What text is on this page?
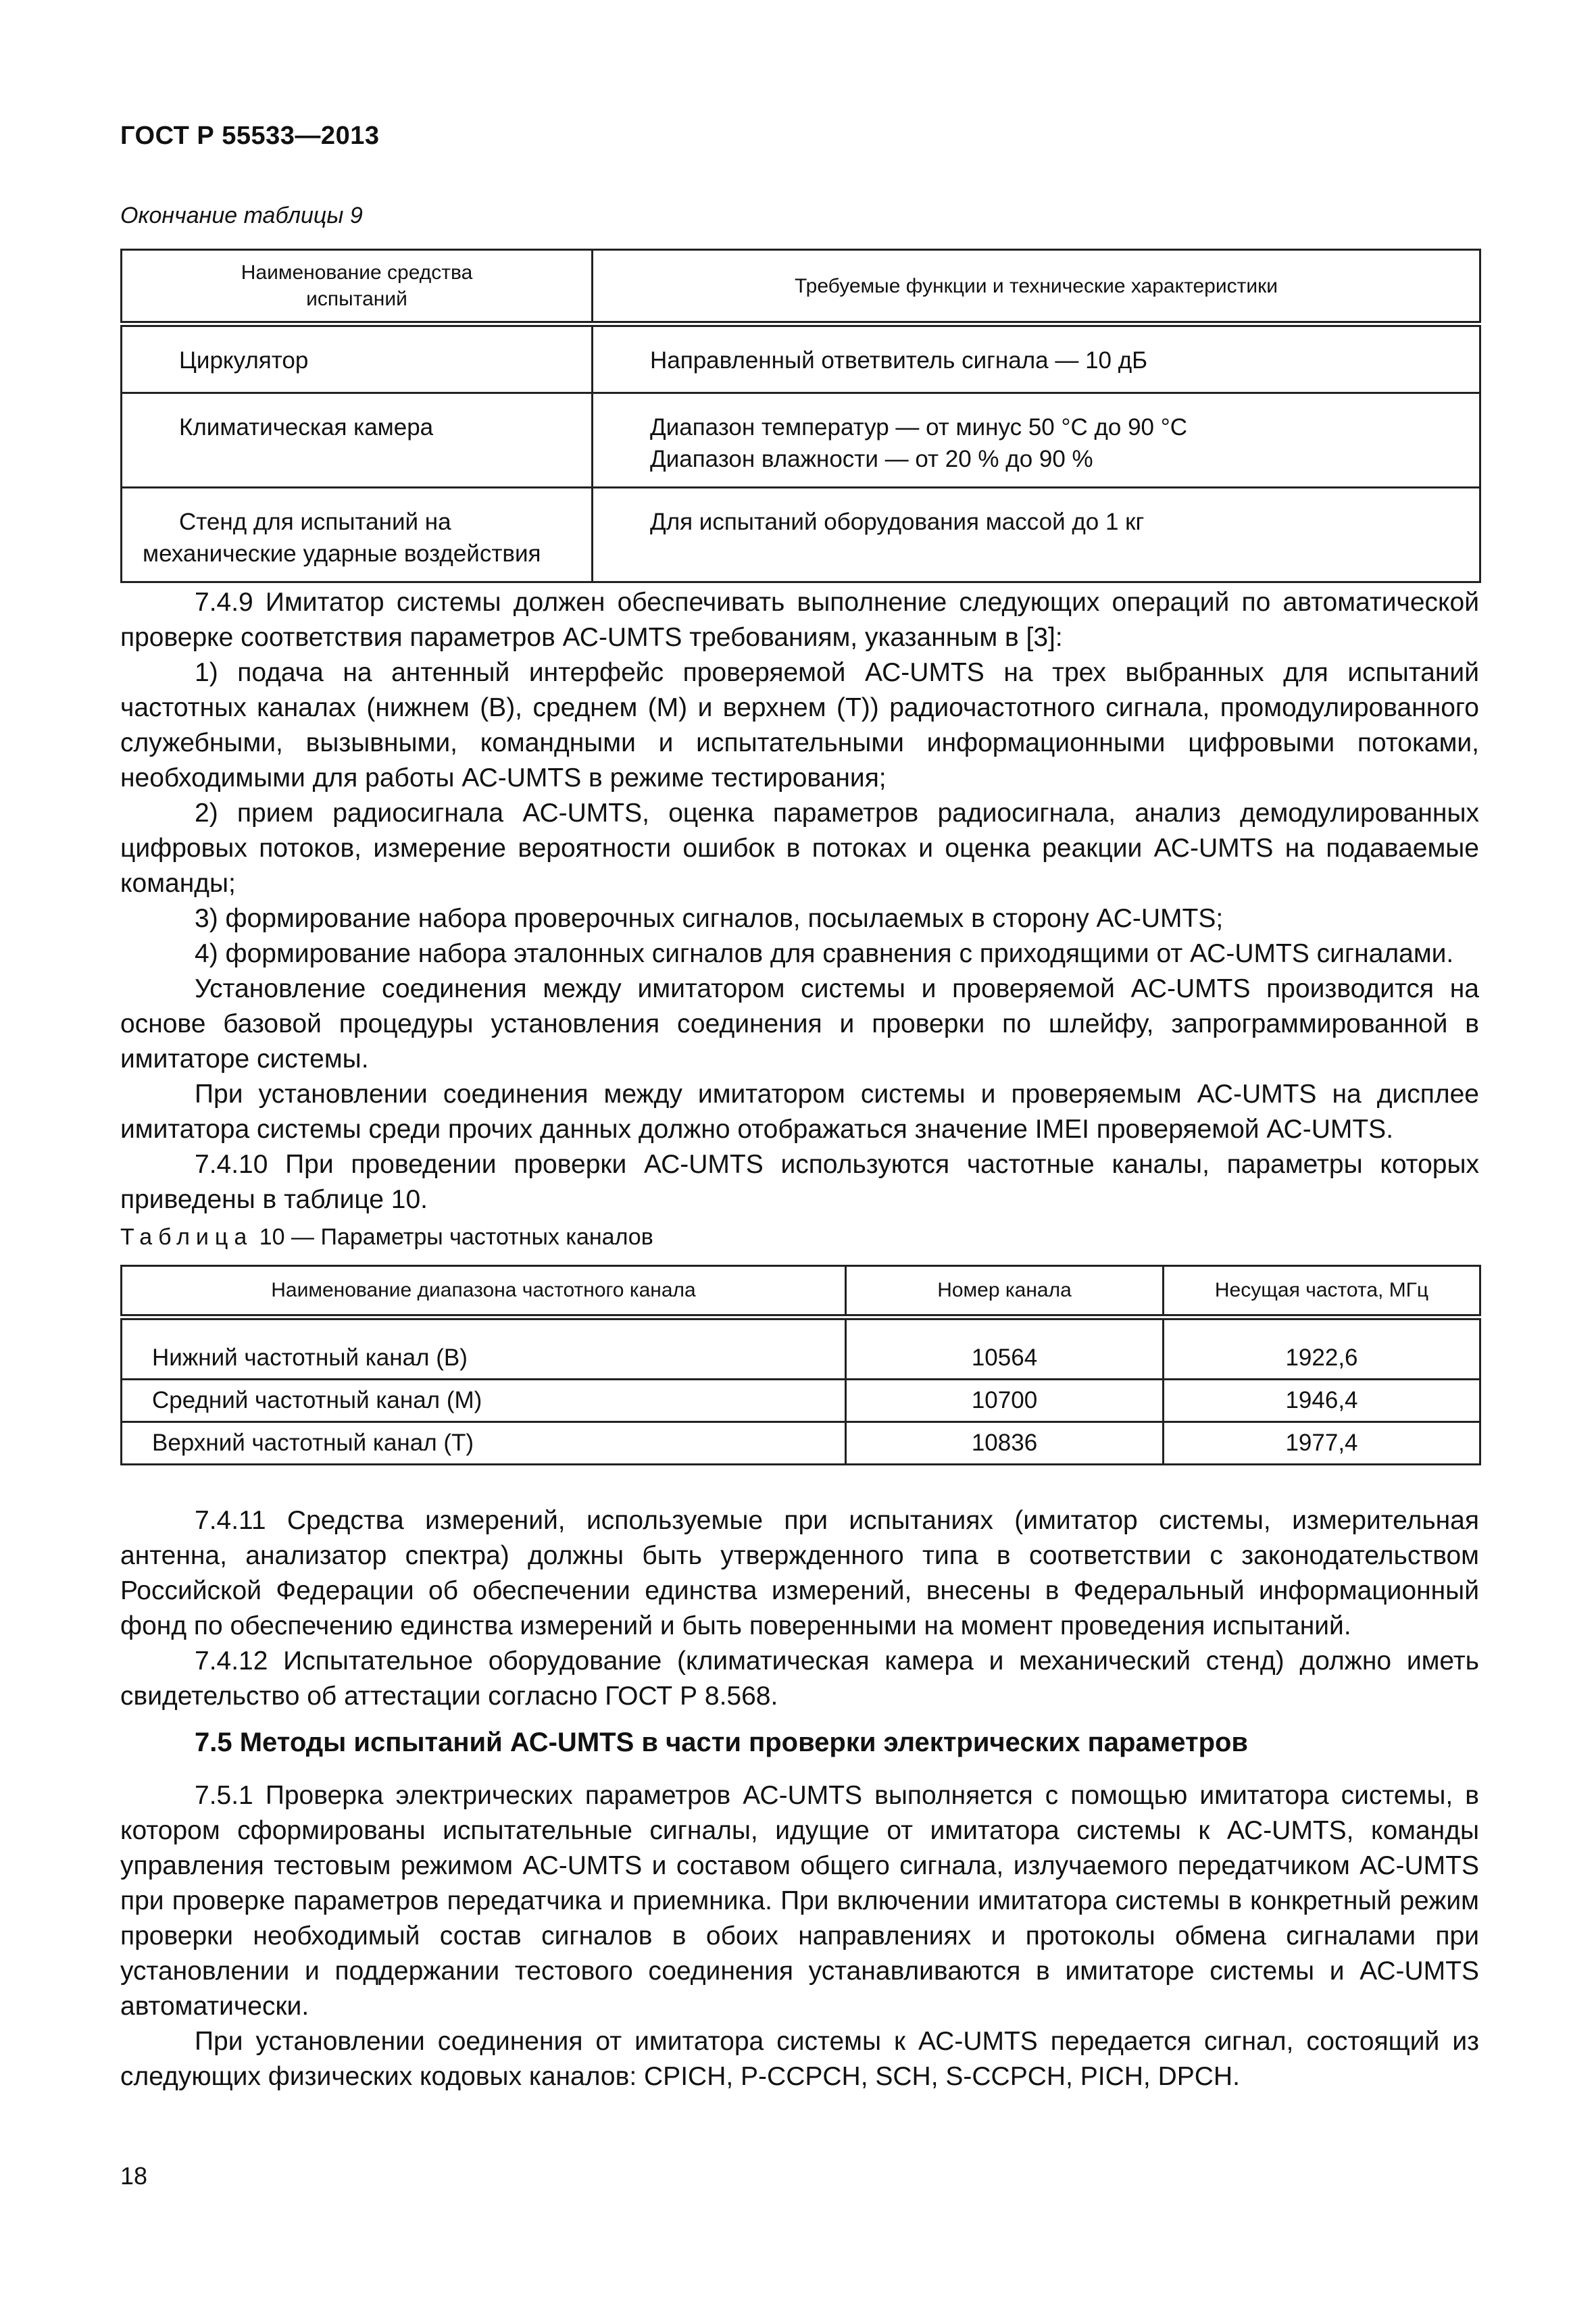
ГОСТ Р 55533—2013
Окончание таблицы 9
Наименование средства испытаний	Требуемые функции и технические характеристики
Циркулятор	Направленный ответвитель сигнала — 10 дБ

Климатическая камера	Диапазон температур — от минус 50 °С до 90 °С
Диапазон влажности — от 20 % до 90 %

Стенд для испытаний на механические ударные воздействия	Для испытаний оборудования массой до 1 кг

7.4.9 Имитатор системы должен обеспечивать выполнение следующих операций по автоматической проверке соответствия параметров АС-UMTS требованиям, указанным в [3]:

1) подача на антенный интерфейс проверяемой АС-UMTS на трех выбранных для испытаний частотных каналах (нижнем (В), среднем (М) и верхнем (Т)) радиочастотного сигнала, промодулированного служебными, вызывными, командными и испытательными информационными цифровыми потоками, необходимыми для работы АС-UMTS в режиме тестирования;

2) прием радиосигнала АС-UMTS, оценка параметров радиосигнала, анализ демодулированных цифровых потоков, измерение вероятности ошибок в потоках и оценка реакции АС-UMTS на подаваемые команды;

3) формирование набора проверочных сигналов, посылаемых в сторону АС-UMTS;

4) формирование набора эталонных сигналов для сравнения с приходящими от АС-UMTS сигналами.

Установление соединения между имитатором системы и проверяемой АС-UMTS производится на основе базовой процедуры установления соединения и проверки по шлейфу, запрограммированной в имитаторе системы.

При установлении соединения между имитатором системы и проверяемым АС-UMTS на дисплее имитатора системы среди прочих данных должно отображаться значение IMEI проверяемой АС-UMTS.

7.4.10 При проведении проверки АС-UMTS используются частотные каналы, параметры которых приведены в таблице 10.

Таблица 10 — Параметры частотных каналов
Наименование диапазона частотного канала	Номер канала	Несущая частота, МГц
Нижний частотный канал (В)	10564	1922,6
Средний частотный канал (М)	10700	1946,4
Верхний частотный канал (Т)	10836	1977,4

7.4.11 Средства измерений, используемые при испытаниях (имитатор системы, измерительная антенна, анализатор спектра) должны быть утвержденного типа в соответствии с законодательством Российской Федерации об обеспечении единства измерений, внесены в Федеральный информационный фонд по обеспечению единства измерений и быть поверенными на момент проведения испытаний.

7.4.12 Испытательное оборудование (климатическая камера и механический стенд) должно иметь свидетельство об аттестации согласно ГОСТ Р 8.568.

7.5 Методы испытаний АС-UMTS в части проверки электрических параметров

7.5.1 Проверка электрических параметров АС-UMTS выполняется с помощью имитатора системы, в котором сформированы испытательные сигналы, идущие от имитатора системы к АС-UMTS, команды управления тестовым режимом АС-UMTS и составом общего сигнала, излучаемого передатчиком АС-UMTS при проверке параметров передатчика и приемника. При включении имитатора системы в конкретный режим проверки необходимый состав сигналов в обоих направлениях и протоколы обмена сигналами при установлении и поддержании тестового соединения устанавливаются в имитаторе системы и АС-UMTS автоматически.

При установлении соединения от имитатора системы к АС-UMTS передается сигнал, состоящий из следующих физических кодовых каналов: CPICH, P-CCPCH, SCH, S-CCPCH, PICH, DPCH.

18
